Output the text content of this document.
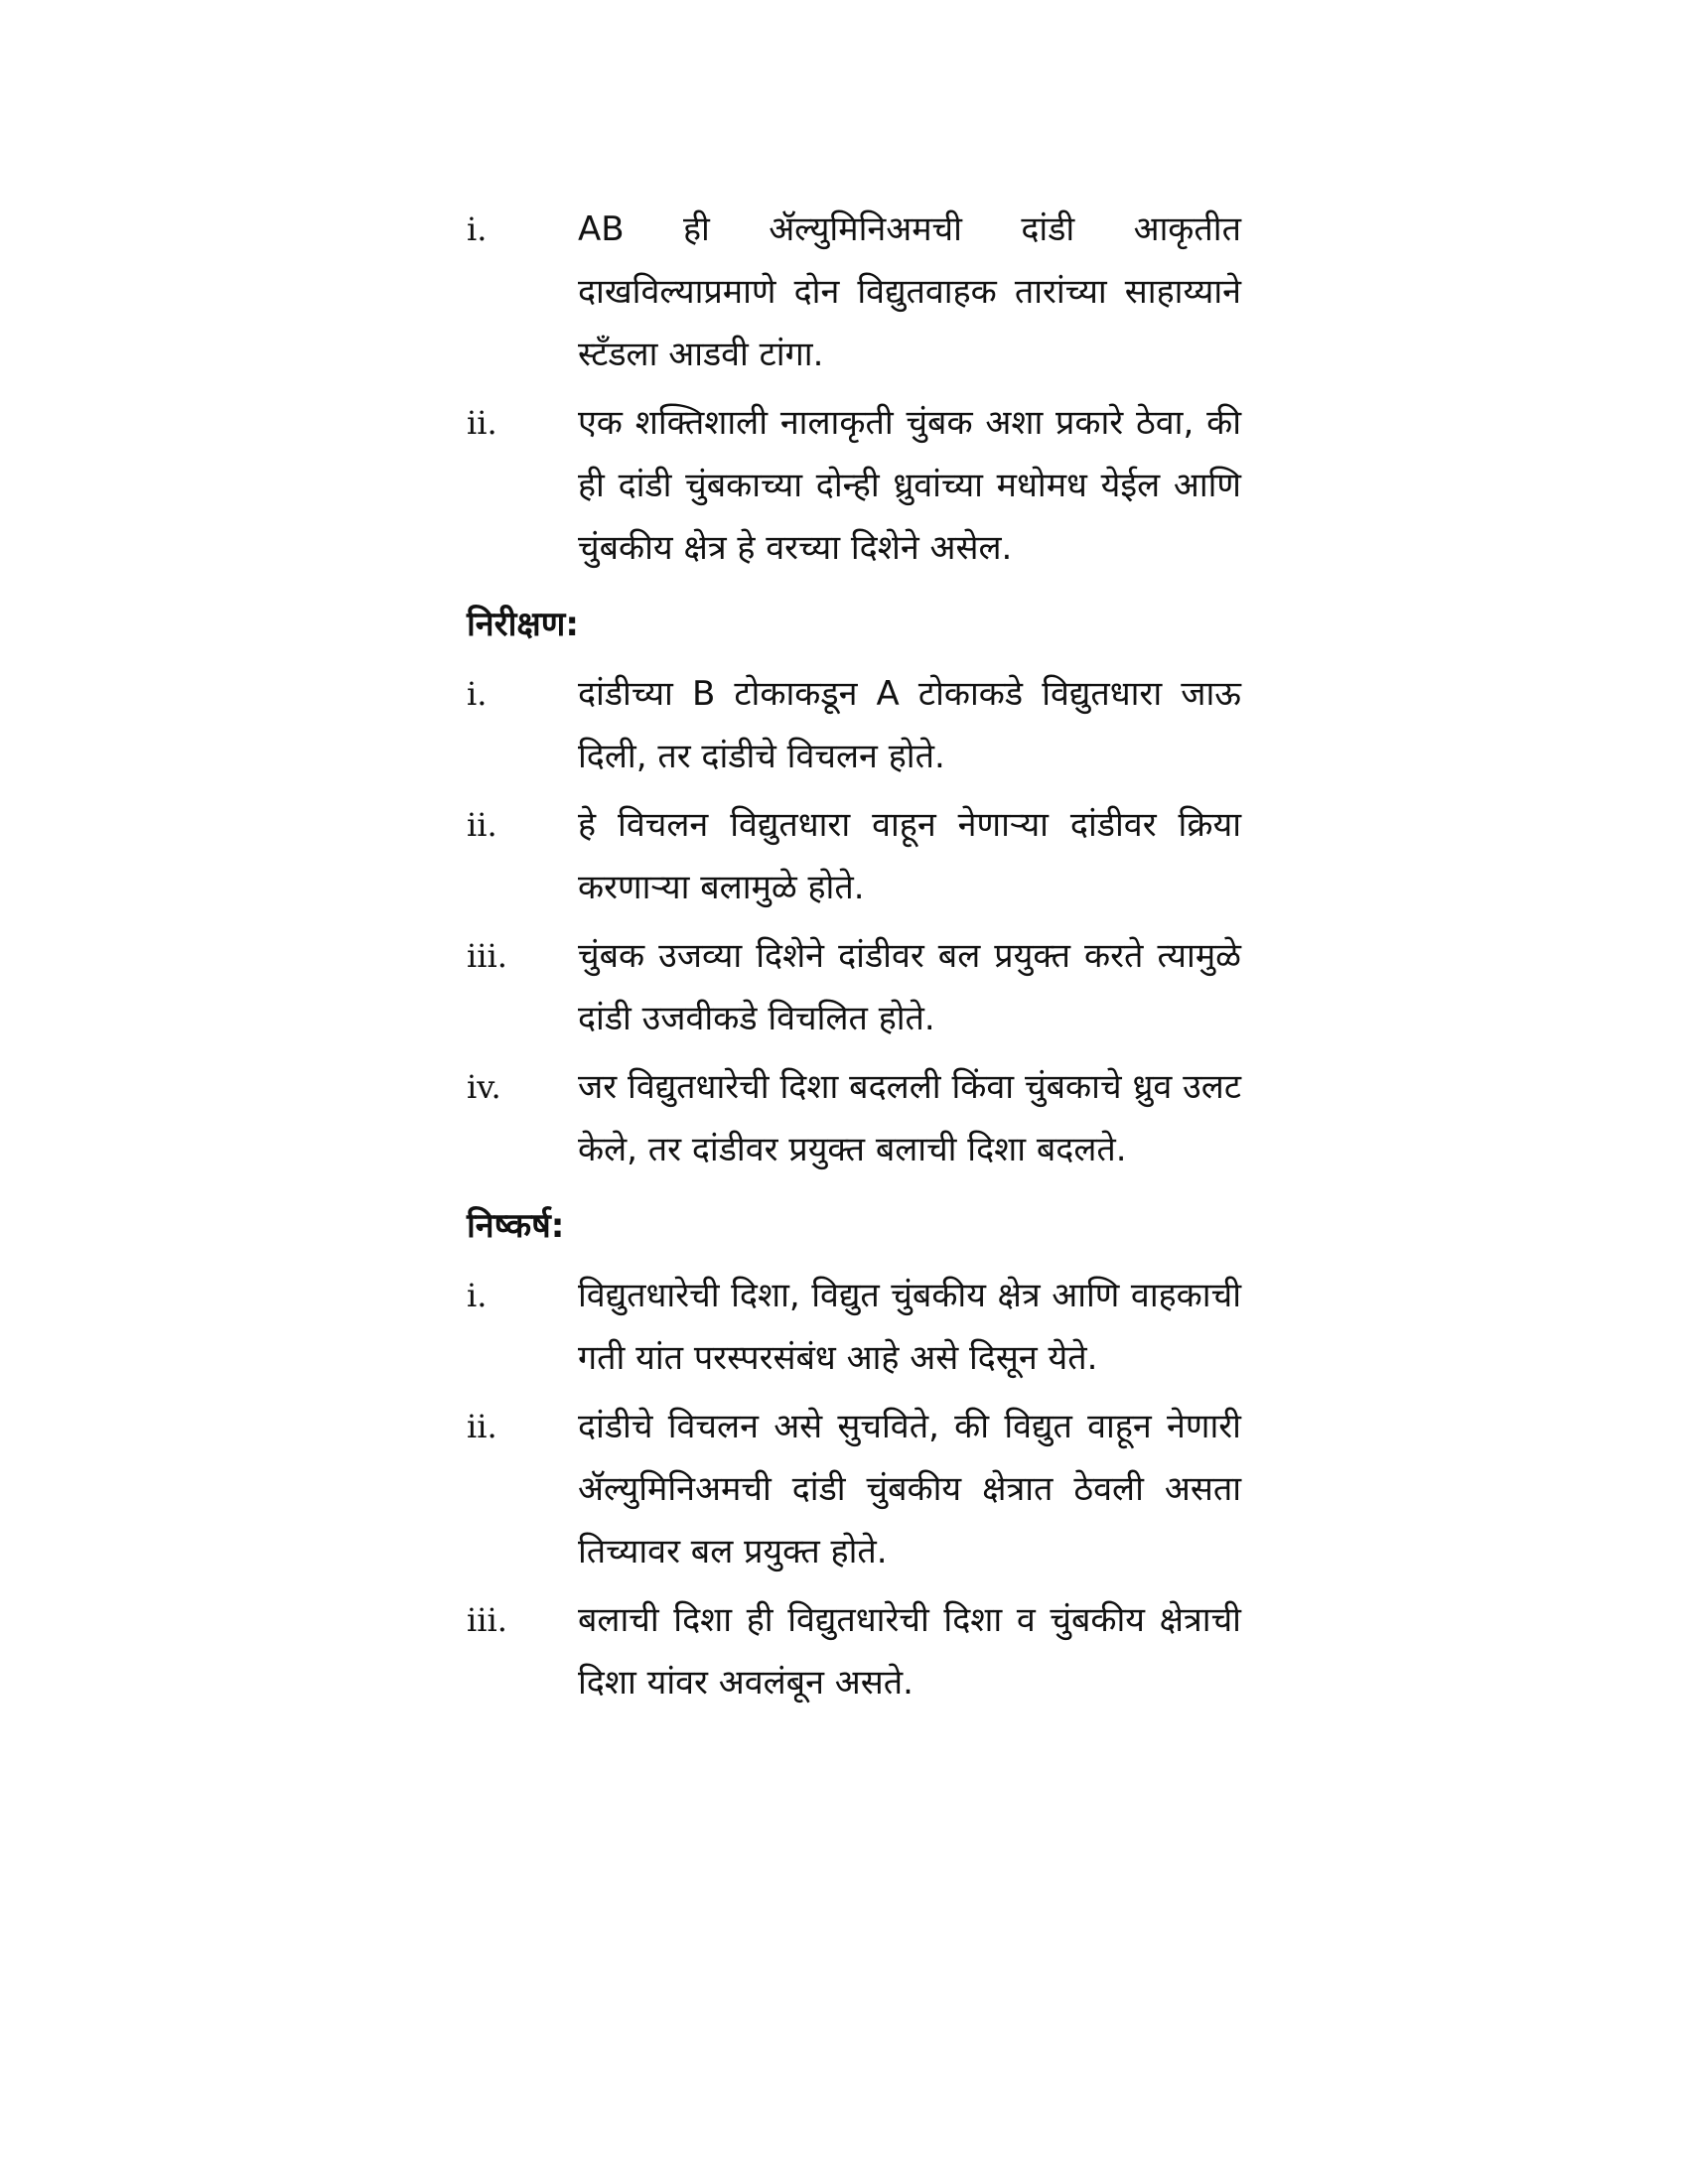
i.	AB ही ॲल्युमिनिअमची दांडी आकृतीत दाखविल्याप्रमाणे दोन विद्युतवाहक तारांच्या साहाय्याने स्टँडला आडवी टांगा.
ii.	एक शक्तिशाली नालाकृती चुंबक अशा प्रकारे ठेवा, की ही दांडी चुंबकाच्या दोन्ही ध्रुवांच्या मधोमध येईल आणि चुंबकीय क्षेत्र हे वरच्या दिशेने असेल.
निरीक्षण:
i.	दांडीच्या B टोकाकडून A टोकाकडे विद्युतधारा जाऊ दिली, तर दांडीचे विचलन होते.
ii.	हे विचलन विद्युतधारा वाहून नेणाऱ्या दांडीवर क्रिया करणाऱ्या बलामुळे होते.
iii.	चुंबक उजव्या दिशेने दांडीवर बल प्रयुक्त करते त्यामुळे दांडी उजवीकडे विचलित होते.
iv.	जर विद्युतधारेची दिशा बदलली किंवा चुंबकाचे ध्रुव उलट केले, तर दांडीवर प्रयुक्त बलाची दिशा बदलते.
निष्कर्ष:
i.	विद्युतधारेची दिशा, विद्युत चुंबकीय क्षेत्र आणि वाहकाची गती यांत परस्परसंबंध आहे असे दिसून येते.
ii.	दांडीचे विचलन असे सुचविते, की विद्युत वाहून नेणारी ॲल्युमिनिअमची दांडी चुंबकीय क्षेत्रात ठेवली असता तिच्यावर बल प्रयुक्त होते.
iii.	बलाची दिशा ही विद्युतधारेची दिशा व चुंबकीय क्षेत्राची दिशा यांवर अवलंबून असते.
